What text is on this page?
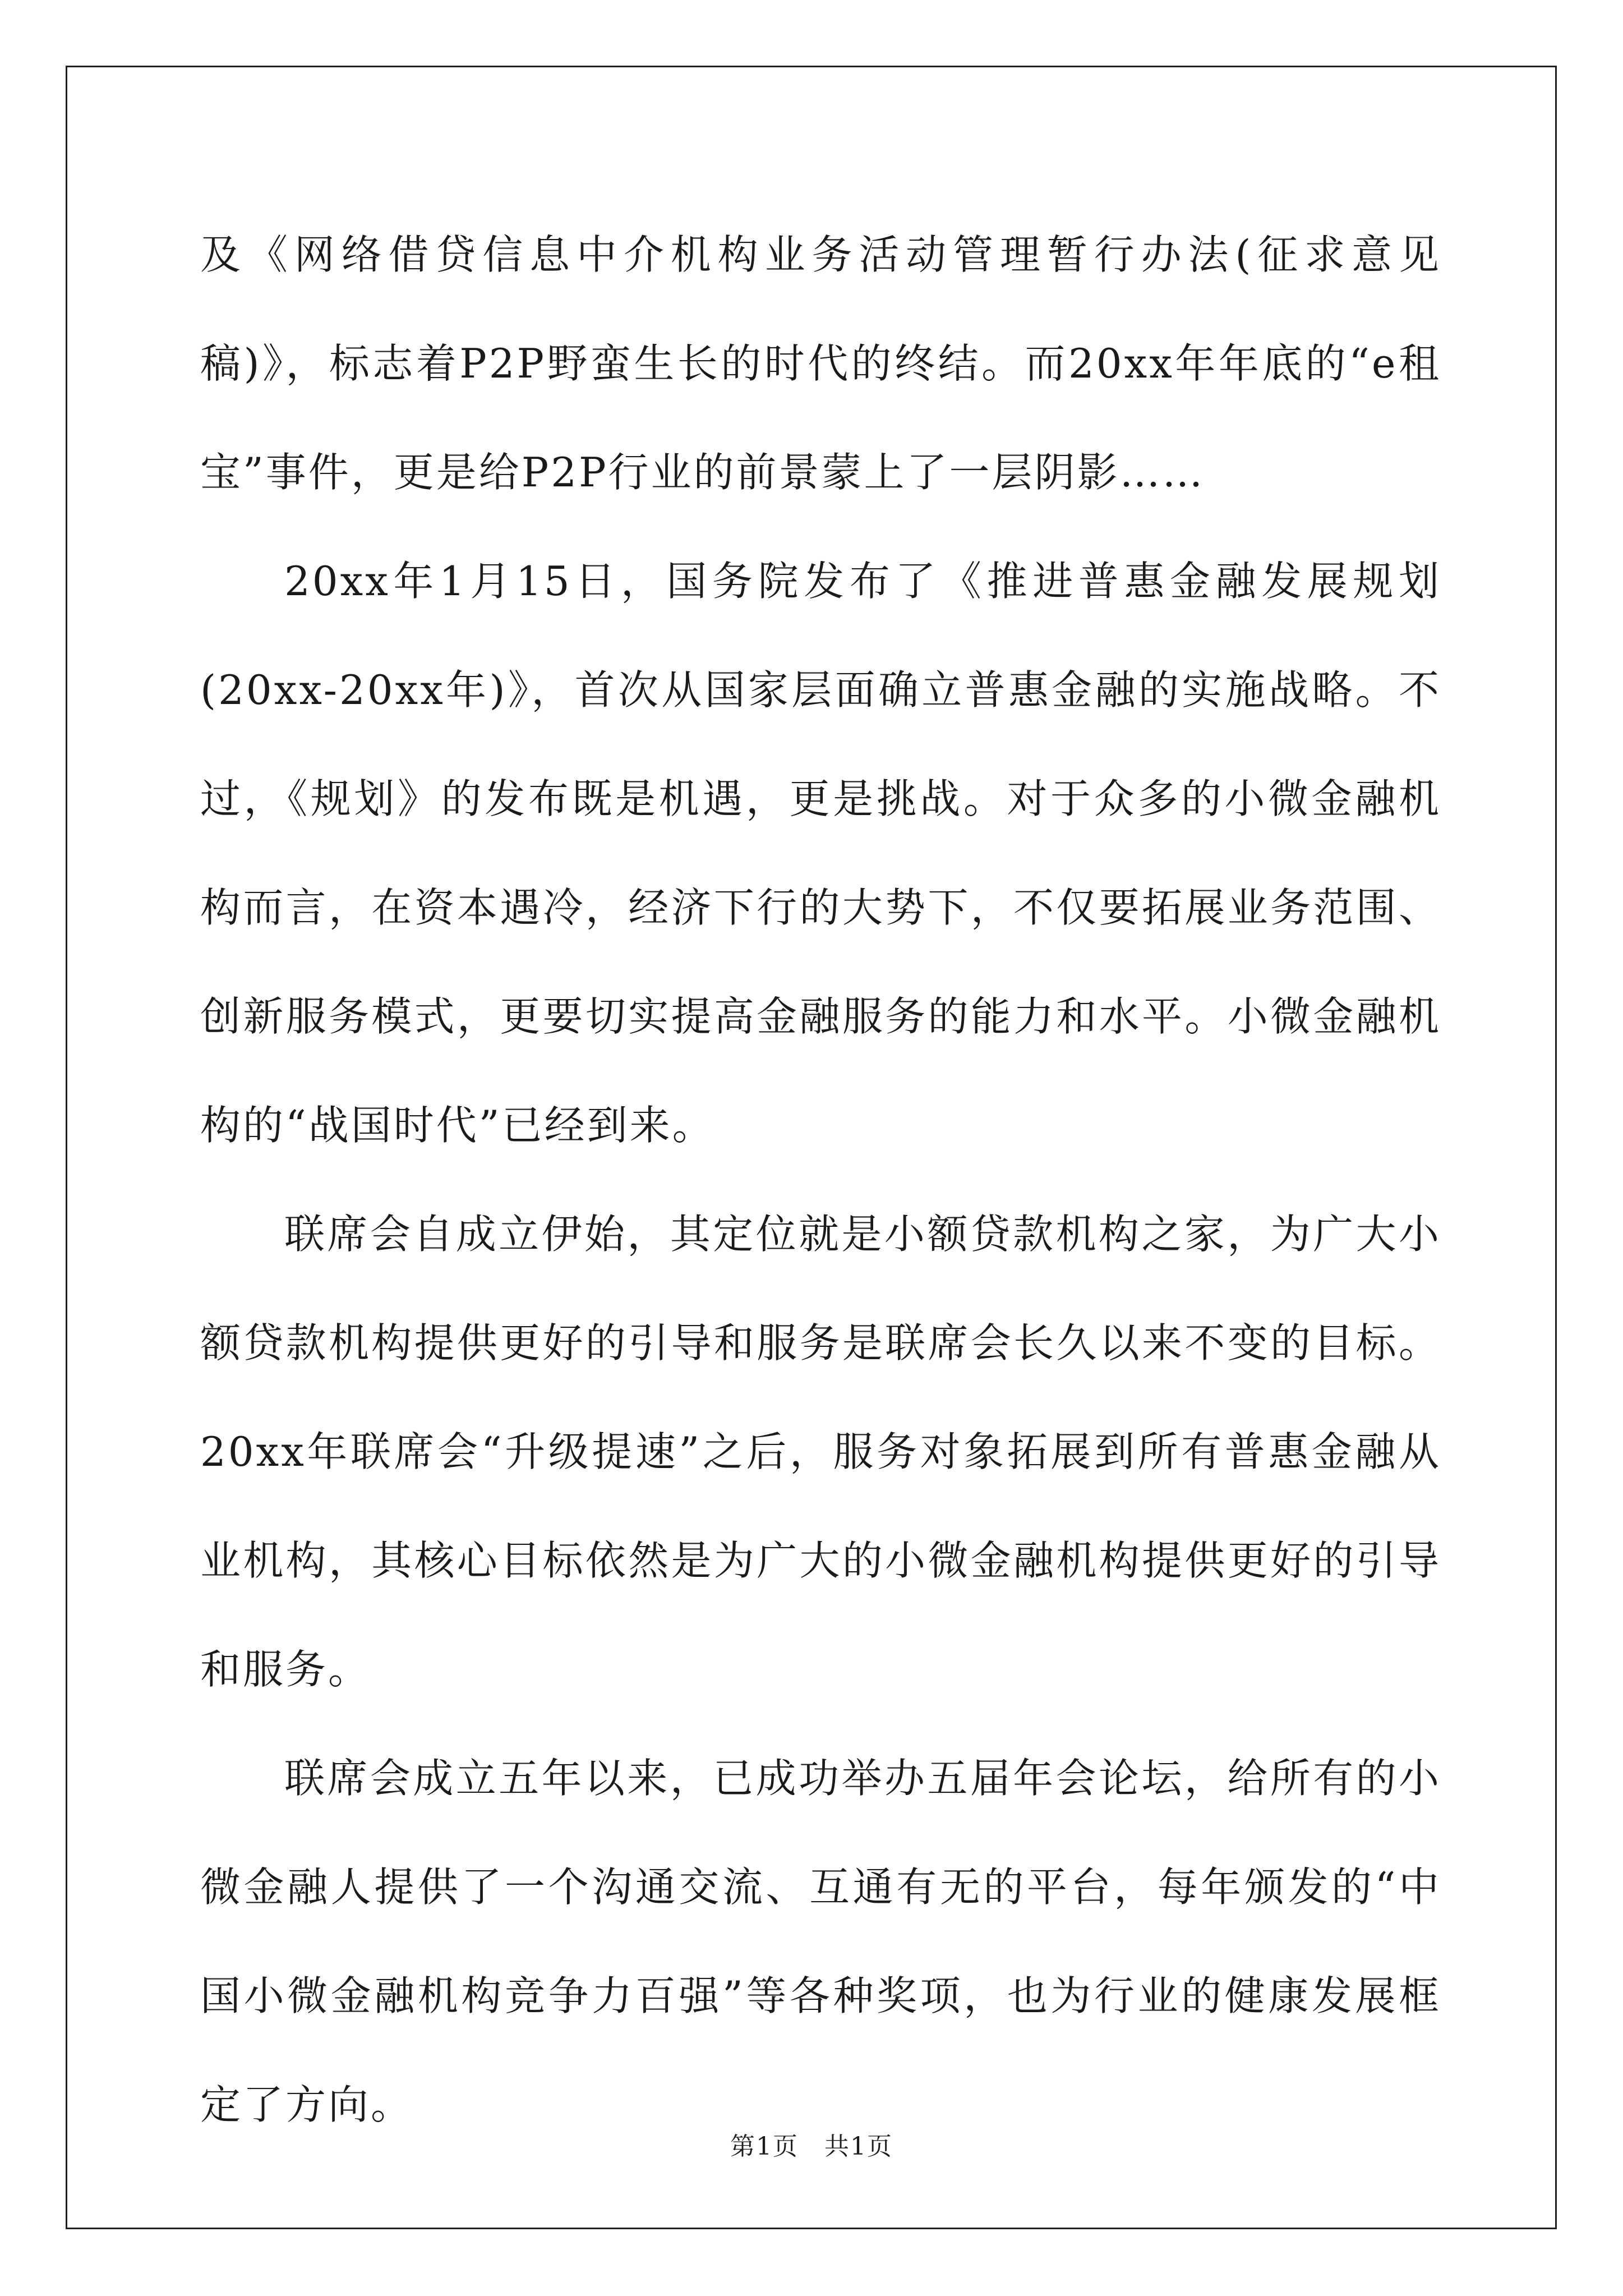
及《网络借贷信息中介机构业务活动管理暂行办法(征求意见稿)》，标志着P2P野蛮生长的时代的终结。而20xx年年底的“e租宝”事件，更是给P2P行业的前景蒙上了一层阴影……

20xx年1月15日，国务院发布了《推进普惠金融发展规划(20xx-20xx年)》，首次从国家层面确立普惠金融的实施战略。不过，《规划》的发布既是机遇，更是挑战。对于众多的小微金融机构而言，在资本遇冷，经济下行的大势下，不仅要拓展业务范围、创新服务模式，更要切实提高金融服务的能力和水平。小微金融机构的“战国时代”已经到来。

联席会自成立伊始，其定位就是小额贷款机构之家，为广大小额贷款机构提供更好的引导和服务是联席会长久以来不变的目标。20xx年联席会“升级提速”之后，服务对象拓展到所有普惠金融从业机构，其核心目标依然是为广大的小微金融机构提供更好的引导和服务。

联席会成立五年以来，已成功举办五届年会论坛，给所有的小微金融人提供了一个沟通交流、互通有无的平台，每年颁发的“中国小微金融机构竞争力百强”等各种奖项，也为行业的健康发展框定了方向。

第1页　共1页
